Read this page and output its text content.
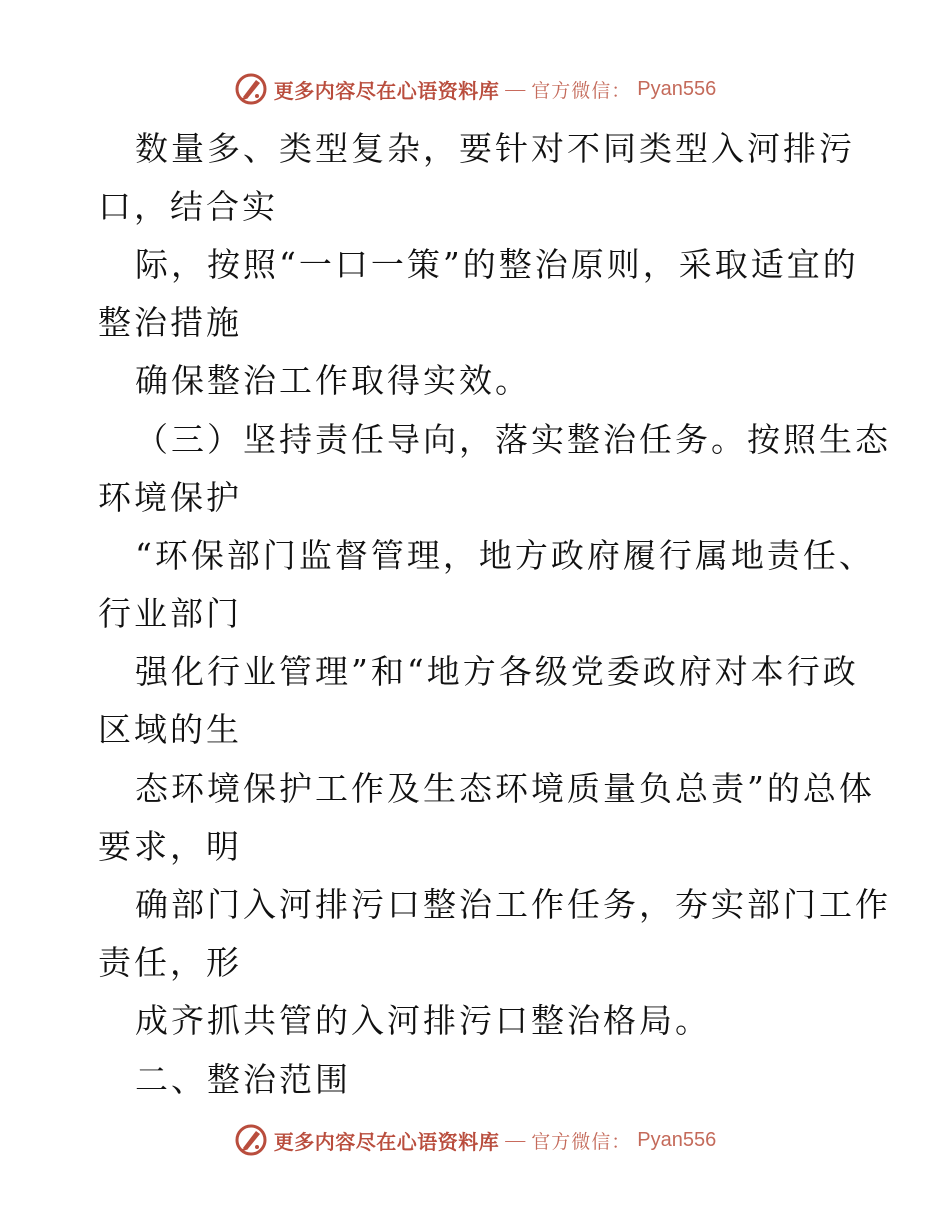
更多内容尽在心语资料库 — 官方微信： Pyan556
数量多、类型复杂，要针对不同类型入河排污
口，结合实
际，按照“一口一策”的整治原则，采取适宜的
整治措施
确保整治工作取得实效。
（三）坚持责任导向，落实整治任务。按照生态
环境保护
“环保部门监督管理，地方政府履行属地责任、
行业部门
强化行业管理”和“地方各级党委政府对本行政
区域的生
态环境保护工作及生态环境质量负总责”的总体
要求，明
确部门入河排污口整治工作任务，夯实部门工作
责任，形
成齐抓共管的入河排污口整治格局。
二、整治范围
更多内容尽在心语资料库 — 官方微信： Pyan556
